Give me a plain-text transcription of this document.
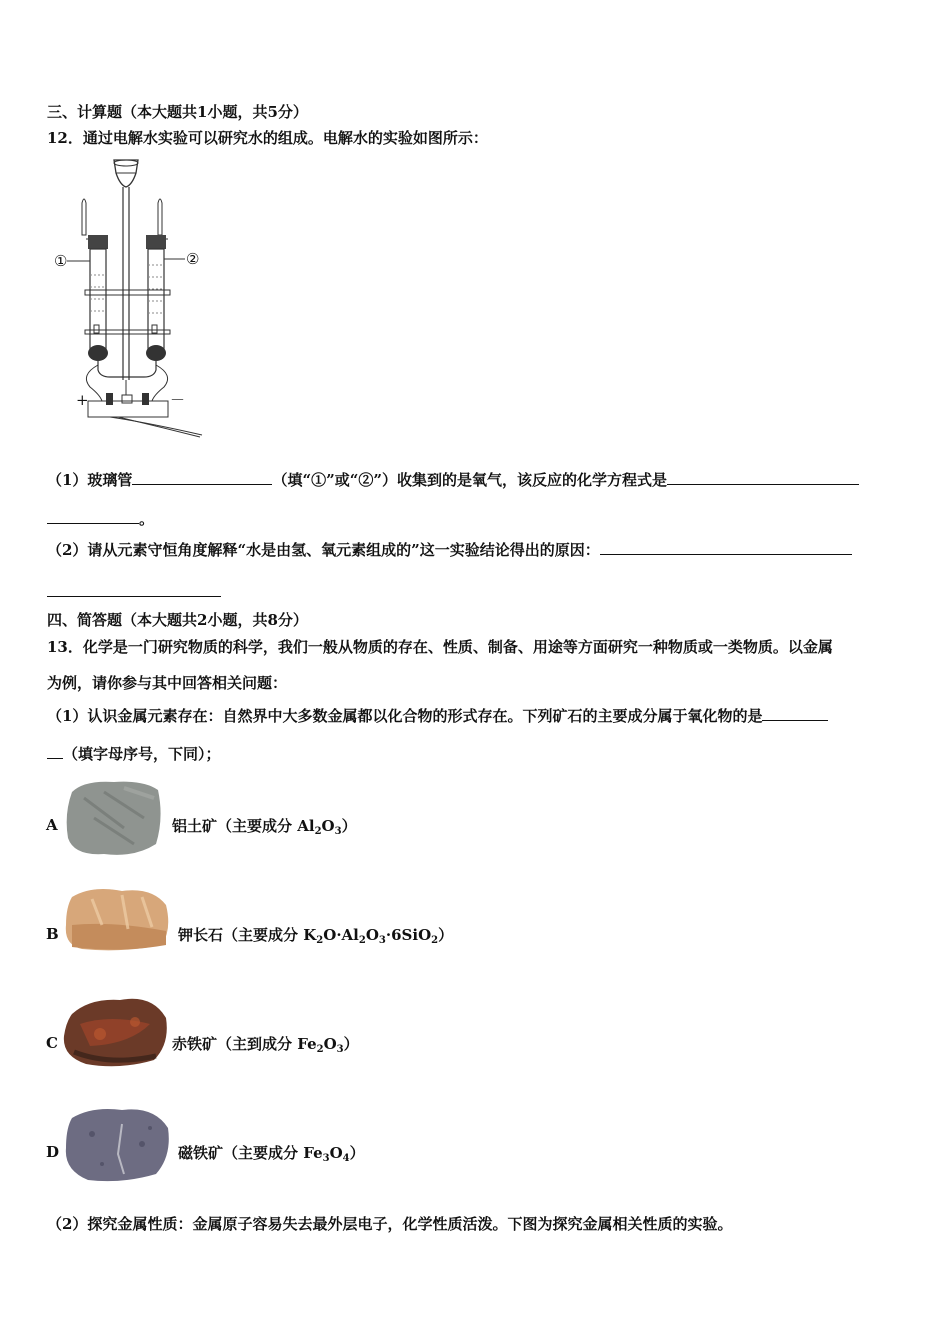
三、计算题（本大题共1小题，共5分）
12．通过电解水实验可以研究水的组成。电解水的实验如图所示：
①	②
+	－
（1）玻璃管	（填“①”或“②”）收集到的是氧气，该反应的化学方程式是
。
（2）请从元素守恒角度解释“水是由氢、氧元素组成的”这一实验结论得出的原因：
四、简答题（本大题共2小题，共8分）
13．化学是一门研究物质的科学，我们一般从物质的存在、性质、制备、用途等方面研究一种物质或一类物质。以金属
为例，请你参与其中回答相关问题：
（1）认识金属元素存在：自然界中大多数金属都以化合物的形式存在。下列矿石的主要成分属于氧化物的是
（填字母序号，下同）；
A	铝土矿（主要成分 $Al_2O_3$）
B	钾长石（主要成分 $K_2O\cdot Al_2O_3\cdot 6SiO_2$）
C	赤铁矿（主到成分 $Fe_2O_3$）
D	磁铁矿（主要成分 $Fe_3O_4$）
（2）探究金属性质：金属原子容易失去最外层电子，化学性质活泼。下图为探究金属相关性质的实验。
